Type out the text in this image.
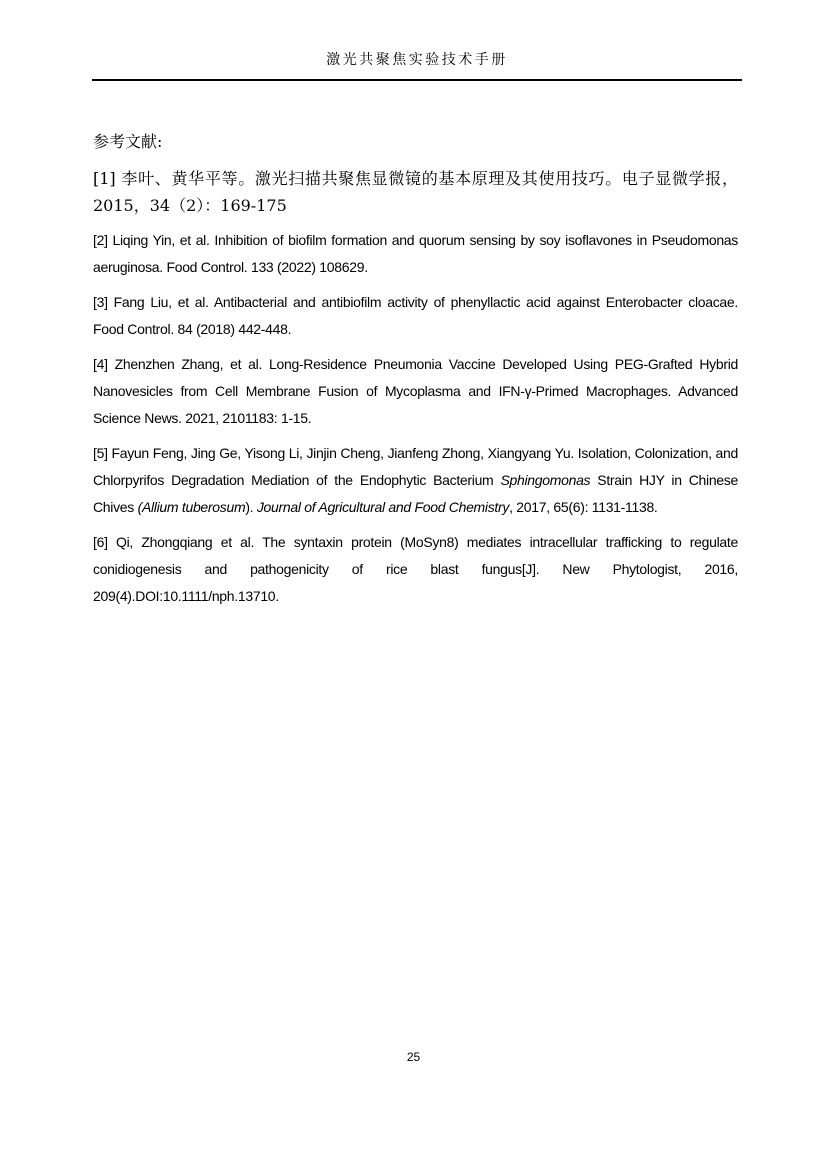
激光共聚焦实验技术手册

参考文献:

[1] 李叶、黄华平等。激光扫描共聚焦显微镜的基本原理及其使用技巧。电子显微学报，2015，34（2）：169-175

[2] Liqing Yin, et al. Inhibition of biofilm formation and quorum sensing by soy isoflavones in Pseudomonas aeruginosa. Food Control. 133 (2022) 108629.

[3] Fang Liu, et al. Antibacterial and antibiofilm activity of phenyllactic acid against Enterobacter cloacae. Food Control. 84 (2018) 442-448.

[4] Zhenzhen Zhang, et al. Long-Residence Pneumonia Vaccine Developed Using PEG-Grafted Hybrid Nanovesicles from Cell Membrane Fusion of Mycoplasma and IFN-γ-Primed Macrophages. Advanced Science News. 2021, 2101183: 1-15.

[5] Fayun Feng, Jing Ge, Yisong Li, Jinjin Cheng, Jianfeng Zhong, Xiangyang Yu. Isolation, Colonization, and Chlorpyrifos Degradation Mediation of the Endophytic Bacterium Sphingomonas Strain HJY in Chinese Chives (Allium tuberosum). Journal of Agricultural and Food Chemistry, 2017, 65(6): 1131-1138.

[6] Qi, Zhongqiang et al. The syntaxin protein (MoSyn8) mediates intracellular trafficking to regulate conidiogenesis and pathogenicity of rice blast fungus[J]. New Phytologist, 2016, 209(4).DOI:10.1111/nph.13710.

25
